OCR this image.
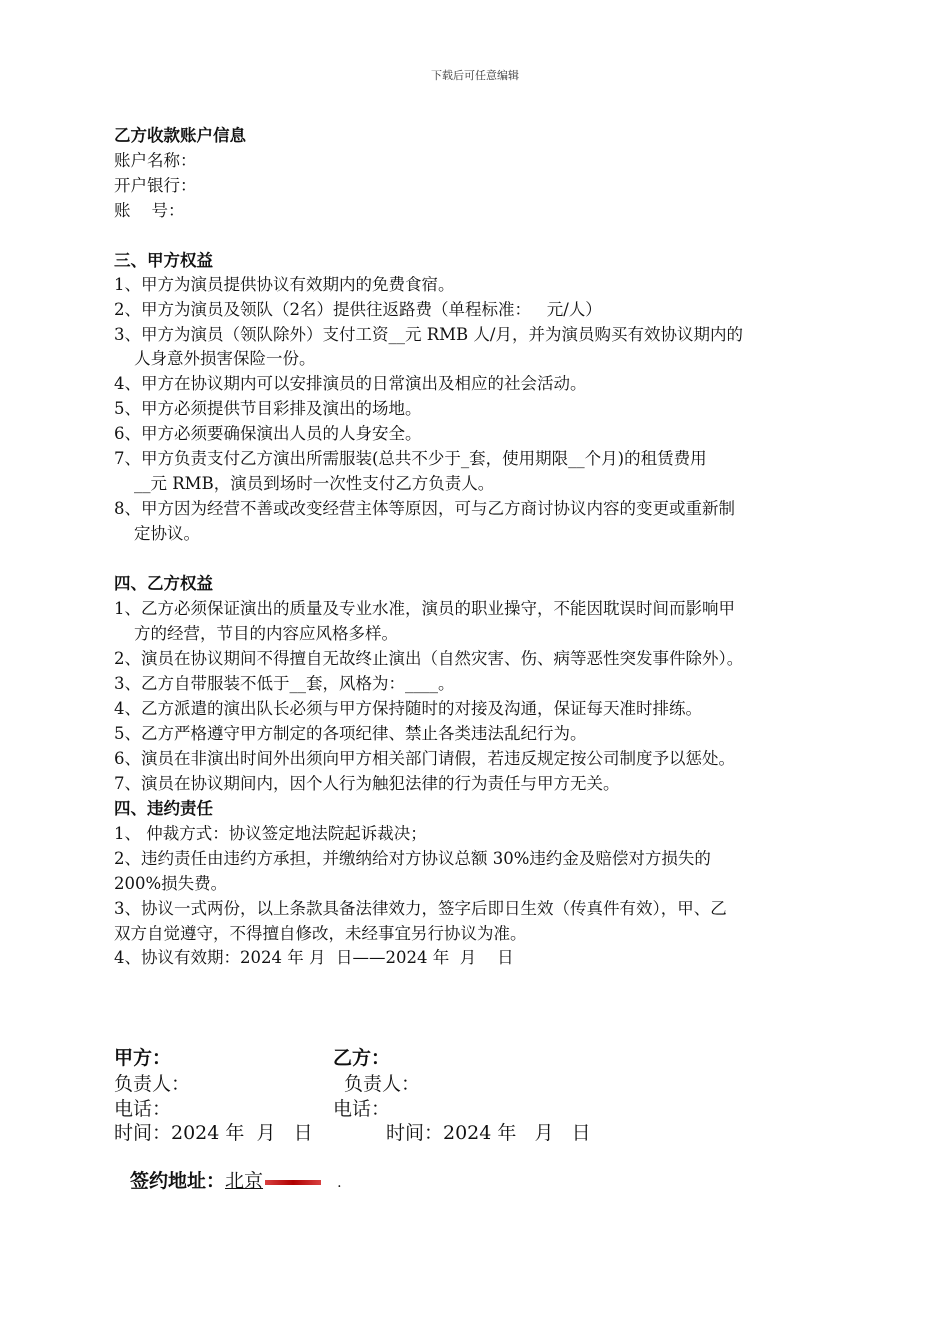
下载后可任意编辑
乙方收款账户信息
账户名称：
开户银行：
账    号：
三、甲方权益
1、甲方为演员提供协议有效期内的免费食宿。
2、甲方为演员及领队（2名）提供往返路费（单程标准：   元/人）
3、甲方为演员（领队除外）支付工资__元 RMB 人/月，并为演员购买有效协议期内的
人身意外损害保险一份。
4、甲方在协议期内可以安排演员的日常演出及相应的社会活动。
5、甲方必须提供节目彩排及演出的场地。
6、甲方必须要确保演出人员的人身安全。
7、甲方负责支付乙方演出所需服装(总共不少于_套，使用期限__个月)的租赁费用
__元 RMB，演员到场时一次性支付乙方负责人。
8、甲方因为经营不善或改变经营主体等原因，可与乙方商讨协议内容的变更或重新制
定协议。
四、乙方权益
1、乙方必须保证演出的质量及专业水准，演员的职业操守，不能因耽误时间而影响甲
方的经营，节目的内容应风格多样。
2、演员在协议期间不得擅自无故终止演出（自然灾害、伤、病等恶性突发事件除外）。
3、乙方自带服装不低于__套，风格为：____。
4、乙方派遣的演出队长必须与甲方保持随时的对接及沟通，保证每天准时排练。
5、乙方严格遵守甲方制定的各项纪律、禁止各类违法乱纪行为。
6、演员在非演出时间外出须向甲方相关部门请假，若违反规定按公司制度予以惩处。
7、演员在协议期间内，因个人行为触犯法律的行为责任与甲方无关。
四、违约责任
1、 仲裁方式：协议签定地法院起诉裁决；
2、违约责任由违约方承担，并缴纳给对方协议总额 30%违约金及赔偿对方损失的
200%损失费。
3、协议一式两份，以上条款具备法律效力，签字后即日生效（传真件有效），甲、乙
双方自觉遵守，不得擅自修改，未经事宜另行协议为准。
4、协议有效期：2024 年 月  日——2024 年  月    日
甲方：	乙方：
负责人：	负责人：
电话：	电话：
时间：2024 年  月   日	时间：2024 年   月   日
签约地址：北京	.
